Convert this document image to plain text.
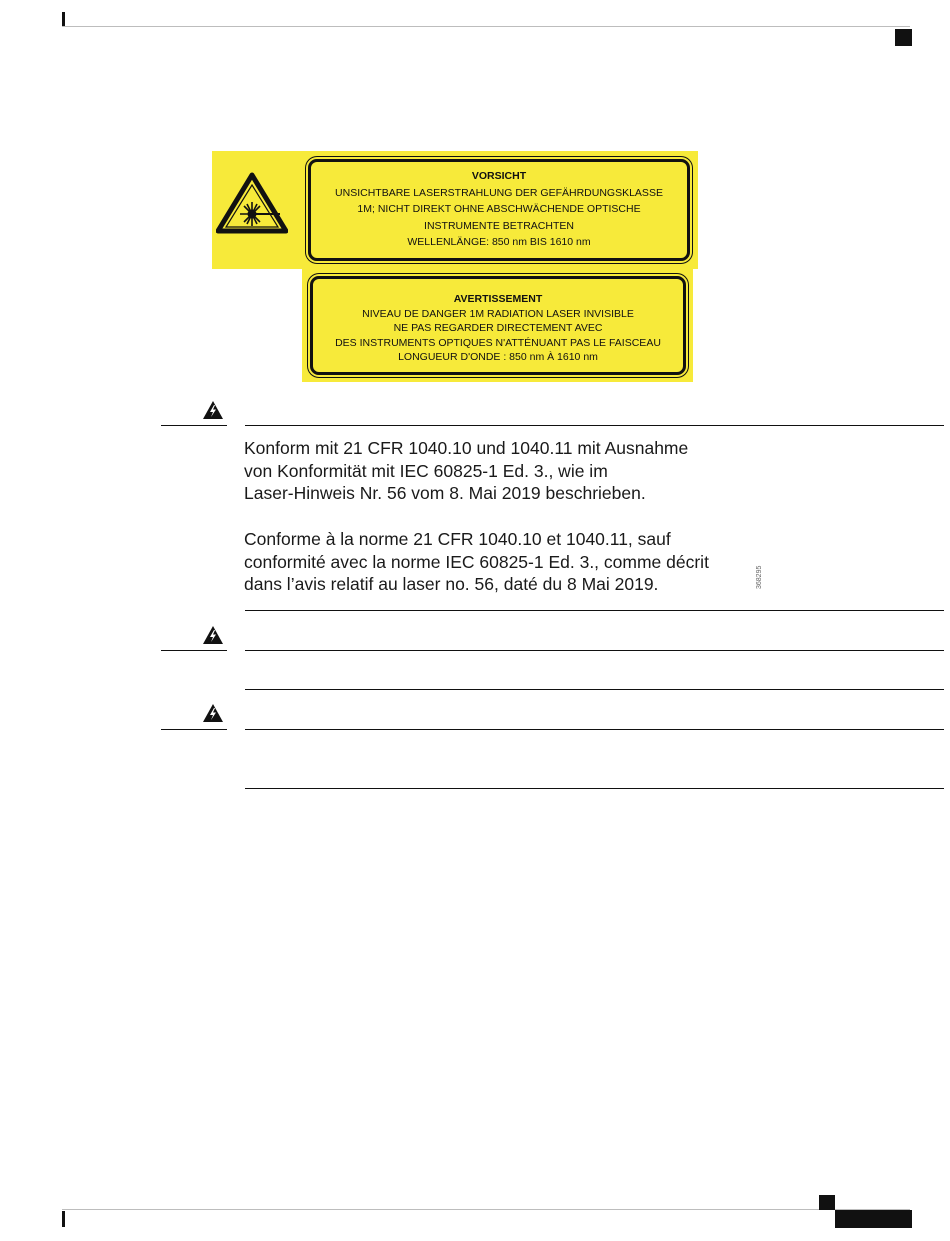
VORSICHT
UNSICHTBARE LASERSTRAHLUNG DER GEFÄHRDUNGSKLASSE
1M; NICHT DIREKT OHNE ABSCHWÄCHENDE OPTISCHE
INSTRUMENTE BETRACHTEN
WELLENLÄNGE: 850 nm BIS 1610 nm
AVERTISSEMENT
NIVEAU DE DANGER 1M RADIATION LASER INVISIBLE
NE PAS REGARDER DIRECTEMENT AVEC
DES INSTRUMENTS OPTIQUES N'ATTÉNUANT PAS LE FAISCEAU
LONGUEUR D'ONDE : 850 nm À 1610 nm
Konform mit 21 CFR 1040.10 und 1040.11 mit Ausnahme
von Konformität mit IEC 60825-1 Ed. 3., wie im
Laser-Hinweis Nr. 56 vom 8. Mai 2019 beschrieben.
Conforme à la norme 21 CFR 1040.10 et 1040.11, sauf
conformité avec la norme IEC 60825-1 Ed. 3., comme décrit
dans l’avis relatif au laser no. 56, daté du 8 Mai 2019.	368295
